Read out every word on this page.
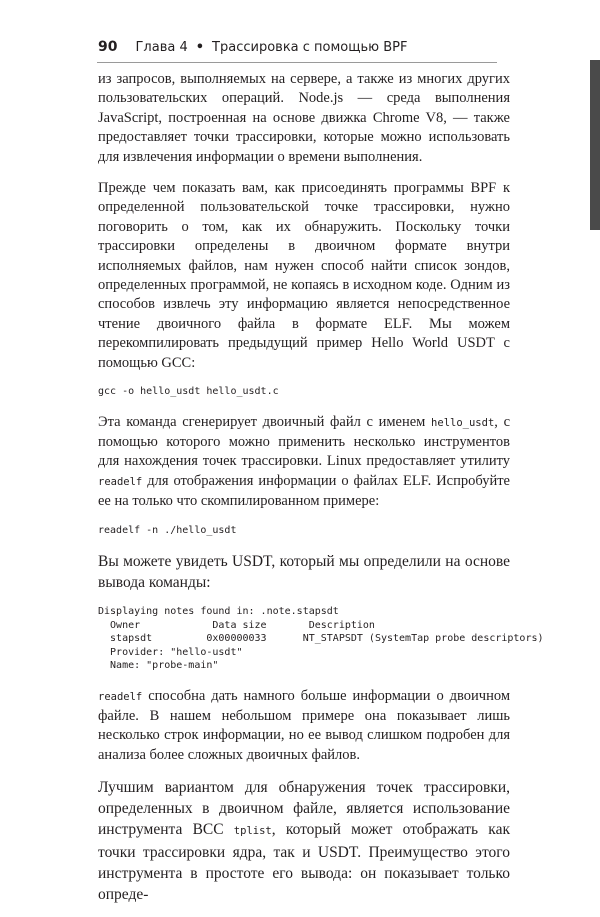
90 Глава 4 • Трассировка с помощью BPF

из запросов, выполняемых на сервере, а также из многих других пользовательских операций. Node.js — среда выполнения JavaScript, построенная на основе движка Chrome V8, — также предоставляет точки трассировки, которые можно использовать для извлечения информации о времени выполнения.

Прежде чем показать вам, как присоединять программы BPF к определенной пользовательской точке трассировки, нужно поговорить о том, как их обнаружить. Поскольку точки трассировки определены в двоичном формате внутри исполняемых файлов, нам нужен способ найти список зондов, определенных программой, не копаясь в исходном коде. Одним из способов извлечь эту информацию является непосредственное чтение двоичного файла в формате ELF. Мы можем перекомпилировать предыдущий пример Hello World USDT с помощью GCC:

gcc -o hello_usdt hello_usdt.c

Эта команда сгенерирует двоичный файл с именем hello_usdt, с помощью которого можно применить несколько инструментов для нахождения точек трассировки. Linux предоставляет утилиту readelf для отображения информации о файлах ELF. Испробуйте ее на только что скомпилированном примере:

readelf -n ./hello_usdt

Вы можете увидеть USDT, который мы определили на основе вывода команды:

Displaying notes found in: .note.stapsdt
Owner            Data size       Description
stapsdt         0x00000033      NT_STAPSDT (SystemTap probe descriptors)
Provider: "hello-usdt"
Name: "probe-main"

readelf способна дать намного больше информации о двоичном файле. В нашем небольшом примере она показывает лишь несколько строк информации, но ее вывод слишком подробен для анализа более сложных двоичных файлов.

Лучшим вариантом для обнаружения точек трассировки, определенных в двоичном файле, является использование инструмента BCC tplist, который может отображать как точки трассировки ядра, так и USDT. Преимущество этого инструмента в простоте его вывода: он показывает только опреде-
